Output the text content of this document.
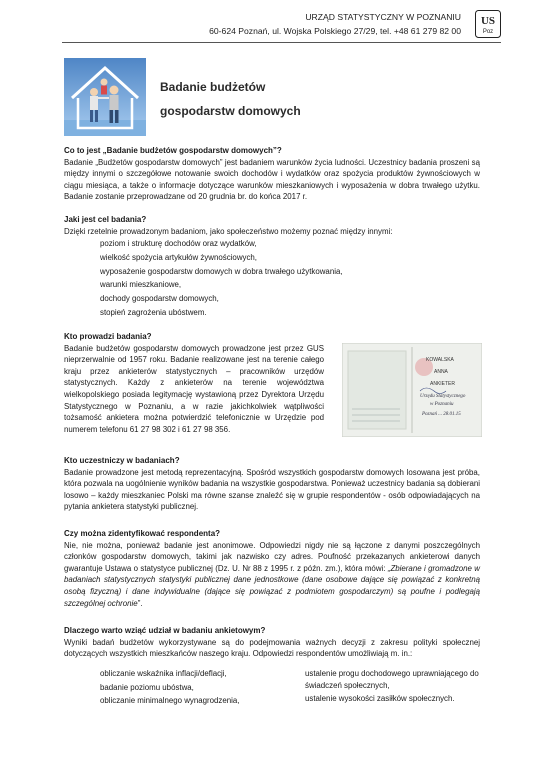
URZĄD STATYSTYCZNY W POZNANIU
60-624 Poznań, ul. Wojska Polskiego 27/29, tel. +48 61 279 82 00
US
Poz
Badanie budżetów
gospodarstw domowych
Co to jest „Badanie budżetów gospodarstw domowych”?

Badanie „Budżetów gospodarstw domowych” jest badaniem warunków życia ludności. Uczestnicy badania proszeni są między innymi o szczegółowe notowanie swoich dochodów i wydatków oraz spożycia produktów żywnościowych w ciągu miesiąca, a także o informacje dotyczące warunków mieszkaniowych i wyposażenia w dobra trwałego użytku. Badanie zostanie przeprowadzane od 20 grudnia br. do końca 2017 r.

Jaki jest cel badania?

Dzięki rzetelnie prowadzonym badaniom, jako społeczeństwo możemy poznać między innymi:

poziom i strukturę dochodów oraz wydatków,
wielkość spożycia artykułów żywnościowych,
wyposażenie gospodarstw domowych w dobra trwałego użytkowania,
warunki mieszkaniowe,
dochody gospodarstw domowych,
stopień zagrożenia ubóstwem.
Kto prowadzi badania?

Badanie budżetów gospodarstw domowych prowadzone jest przez GUS nieprzerwalnie od 1957 roku. Badanie realizowane jest na terenie całego kraju przez ankieterów statystycznych – pracowników urzędów statystycznych. Każdy z ankieterów na terenie województwa wielkopolskiego posiada legitymację wystawioną przez Dyrektora Urzędu Statystycznego w Poznaniu, a w razie jakichkolwiek wątpliwości tożsamość ankietera można potwierdzić telefonicznie w Urzędzie pod numerem telefonu 61 27 98 302 i 61 27 98 356.

KOWALSKA
ANNA
ANKIETER
Urzędu Statystycznego
w Poznaniu
Poznań ... 28.01.15
Kto uczestniczy w badaniach?

Badanie prowadzone jest metodą reprezentacyjną. Spośród wszystkich gospodarstw domowych losowana jest próba, która pozwala na uogólnienie wyników badania na wszystkie gospodarstwa. Ponieważ uczestnicy badania są dobierani losowo – każdy mieszkaniec Polski ma równe szanse znaleźć się w grupie respondentów - osób odpowiadających na pytania ankietera statystyki publicznej.

Czy można zidentyfikować respondenta?

Nie, nie można, ponieważ badanie jest anonimowe. Odpowiedzi nigdy nie są łączone z danymi poszczególnych członków gospodarstw domowych, takimi jak nazwisko czy adres. Poufność przekazanych ankieterowi danych gwarantuje Ustawa o statystyce publicznej (Dz. U. Nr 88 z 1995 r. z późn. zm.), która mówi: „Zbierane i gromadzone w badaniach statystycznych statystyki publicznej dane jednostkowe (dane osobowe dające się powiązać z konkretną osobą fizyczną) i dane indywidualne (dające się powiązać z podmiotem gospodarczym) są poufne i podlegają szczególnej ochronie”.

Dlaczego warto wziąć udział w badaniu ankietowym?

Wyniki badań budżetów wykorzystywane są do podejmowania ważnych decyzji z zakresu polityki społecznej dotyczących wszystkich mieszkańców naszego kraju. Odpowiedzi respondentów umożliwiają m. in.:

obliczanie wskaźnika inflacji/deflacji,
badanie poziomu ubóstwa,
obliczanie minimalnego wynagrodzenia,
ustalenie progu dochodowego uprawniającego do świadczeń społecznych,
ustalenie wysokości zasiłków społecznych.
